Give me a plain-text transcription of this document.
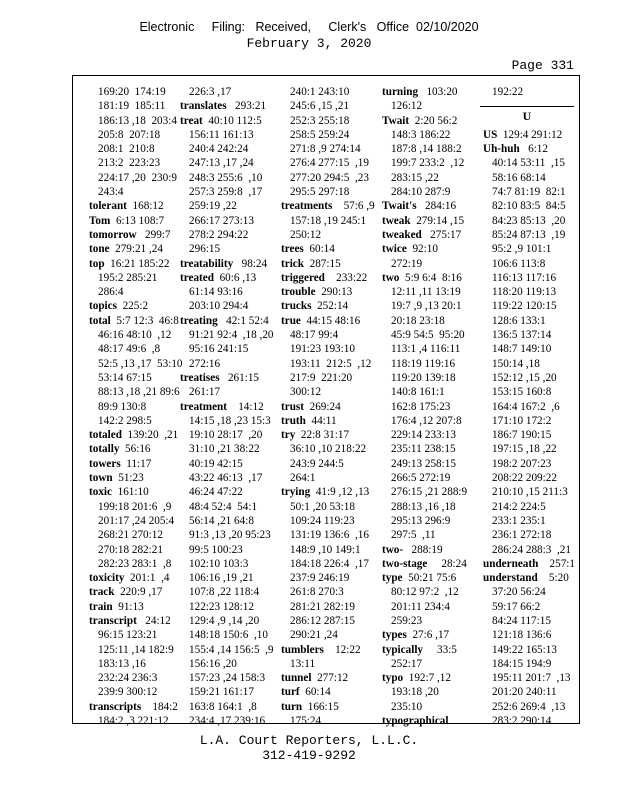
Electronic     Filing:   Received,     Clerk's   Office  02/10/2020
February 3, 2020
Page 331
169:20  174:19
181:19  185:11
186:13 ,18  203:4
205:8  207:18
208:1  210:8
213:2  223:23
224:17 ,20  230:9
243:4
tolerant  168:12
Tom  6:13 108:7
tomorrow   299:7
tone  279:21 ,24
top  16:21 185:22
195:2 285:21
286:4
topics  225:2
total  5:7 12:3  46:8
46:16 48:10  ,12
48:17 49:6  ,8
52:5 ,13 ,17  53:10
53:14 67:15
88:13 ,18 ,21 89:6
89:9 130:8
142:2 298:5
totaled  139:20  ,21
totally  56:16
towers  11:17
town  51:23
toxic  161:10
199:18 201:6  ,9
201:17 ,24 205:4
268:21 270:12
270:18 282:21
282:23 283:1  ,8
toxicity  201:1  ,4
track  220:9 ,17
train  91:13
transcript   24:12
96:15 123:21
125:11 ,14 182:9
183:13 ,16
232:24 236:3
239:9 300:12
transcripts    184:2
184:2 ,3 221:12
226:3 ,17
translates   293:21
treat  40:10 112:5
156:11 161:13
240:4 242:24
247:13 ,17 ,24
248:3 255:6  ,10
257:3 259:8  ,17
259:19 ,22
266:17 273:13
278:2 294:22
296:15
treatability   98:24
treated  60:6 ,13
61:14 93:16
203:10 294:4
treating   42:1 52:4
91:21 92:4  ,18 ,20
95:16 241:15
272:16
treatises   261:15
261:17
treatment    14:12
14:15 ,18 ,23 15:3
19:10 28:17  ,20
31:10 ,21 38:22
40:19 42:15
43:22 46:13  ,17
46:24 47:22
48:4 52:4  54:1
56:14 ,21 64:8
91:3 ,13 ,20 95:23
99:5 100:23
102:10 103:3
106:16 ,19 ,21
107:8 ,22 118:4
122:23 128:12
129:4 ,9 ,14 ,20
148:18 150:6  ,10
155:4 ,14 156:5  ,9
156:16 ,20
157:23 ,24 158:3
159:21 161:17
163:8 164:1  ,8
234:4 ,17 239:16
240:1 243:10
245:6 ,15 ,21
252:3 255:18
258:5 259:24
271:8 ,9 274:14
276:4 277:15  ,19
277:20 294:5  ,23
295:5 297:18
treatments    57:6 ,9
157:18 ,19 245:1
250:12
trees  60:14
trick  287:15
triggered    233:22
trouble  290:13
trucks  252:14
true  44:15 48:16
48:17 99:4
191:23 193:10
193:11  212:5  ,12
217:9  221:20
300:12
trust  269:24
truth  44:11
try  22:8 31:17
36:10 ,10 218:22
243:9 244:5
264:1
trying  41:9 ,12 ,13
50:1 ,20 53:18
109:24 119:23
131:19 136:6  ,16
148:9 ,10 149:1
184:18 226:4  ,17
237:9 246:19
261:8 270:3
281:21 282:19
286:12 287:15
290:21 ,24
tumblers    12:22
13:11
tunnel  277:12
turf  60:14
turn  166:15
175:24
turning   103:20
126:12
Twait  2:20 56:2
148:3 186:22
187:8 ,14 188:2
199:7 233:2  ,12
283:15 ,22
284:10 287:9
Twait's   284:16
tweak  279:14 ,15
tweaked   275:17
twice  92:10
272:19
two  5:9 6:4  8:16
12:11 ,11 13:19
19:7 ,9 ,13 20:1
20:18 23:18
45:9 54:5  95:20
113:1 ,4 116:11
118:19 119:16
119:20 139:18
140:8 161:1
162:8 175:23
176:4 ,12 207:8
229:14 233:13
235:11 238:15
249:13 258:15
266:5 272:19
276:15 ,21 288:9
288:13 ,16 ,18
295:13 296:9
297:5  ,11
two-   288:19
two-stage     28:24
type  50:21 75:6
80:12 97:2  ,12
201:11 234:4
259:23
types  27:6 ,17
typically     33:5
252:17
typo  192:7 ,12
193:18 ,20
235:10
typographical
192:22
US  129:4 291:12
Uh-huh   6:12
40:14 53:11  ,15
58:16 68:14
74:7 81:19  82:1
82:10 83:5  84:5
84:23 85:13  ,20
85:24 87:13  ,19
95:2 ,9 101:1
106:6 113:8
116:13 117:16
118:20 119:13
119:22 120:15
128:6 133:1
136:5 137:14
148:7 149:10
150:14 ,18
152:12 ,15 ,20
153:15 160:8
164:4 167:2  ,6
171:10 172:2
186:7 190:15
197:15 ,18 ,22
198:2 207:23
208:22 209:22
210:10 ,15 211:3
214:2 224:5
233:1 235:1
236:1 272:18
286:24 288:3  ,21
underneath    257:1
understand    5:20
37:20 56:24
59:17 66:2
84:24 117:15
121:18 136:6
149:22 165:13
184:15 194:9
195:11 201:7  ,13
201:20 240:11
252:6 269:4  ,13
283:2 290:14
U
L.A. Court Reporters, L.L.C.
312-419-9292
